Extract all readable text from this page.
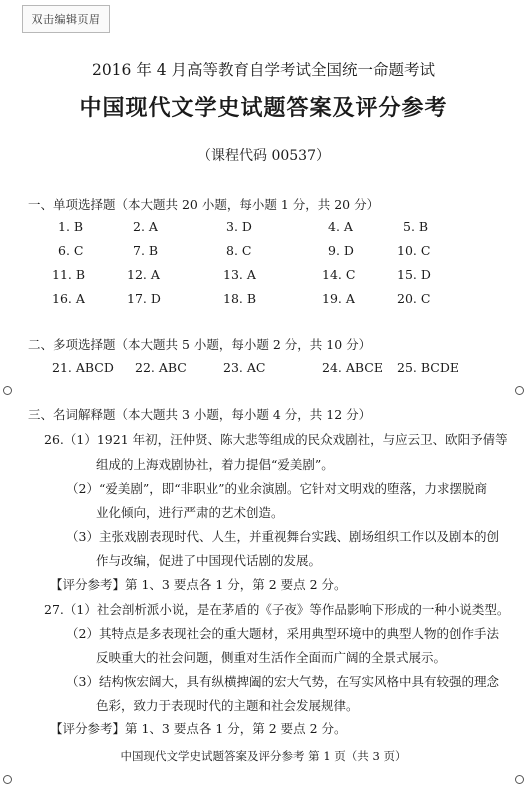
双击编辑页眉
2016 年 4 月高等教育自学考试全国统一命题考试
中国现代文学史试题答案及评分参考
（课程代码 00537）
一、单项选择题（本大题共 20 小题，每小题 1 分，共 20 分）
1. B	2. A	3. D	4. A	5. B
6. C	7. B	8. C	9. D	10. C
11. B	12. A	13. A	14. C	15. D
16. A	17. D	18. B	19. A	20. C
二、多项选择题（本大题共 5 小题，每小题 2 分，共 10 分）
21. ABCD 22. ABC	23. AC	24. ABCE 25. BCDE
三、名词解释题（本大题共 3 小题，每小题 4 分，共 12 分）
26.（1）1921 年初，汪仲贤、陈大悲等组成的民众戏剧社，与应云卫、欧阳予倩等
组成的上海戏剧协社，着力提倡“爱美剧”。
（2）“爱美剧”，即“非职业”的业余演剧。它针对文明戏的堕落，力求摆脱商
业化倾向，进行严肃的艺术创造。
（3）主张戏剧表现时代、人生，并重视舞台实践、剧场组织工作以及剧本的创
作与改编，促进了中国现代话剧的发展。
【评分参考】第 1、3 要点各 1 分，第 2 要点 2 分。
27.（1）社会剖析派小说，是在茅盾的《子夜》等作品影响下形成的一种小说类型。
（2）其特点是多表现社会的重大题材，采用典型环境中的典型人物的创作手法
反映重大的社会问题，侧重对生活作全面而广阔的全景式展示。
（3）结构恢宏阔大，具有纵横捭阖的宏大气势，在写实风格中具有较强的理念
色彩，致力于表现时代的主题和社会发展规律。
【评分参考】第 1、3 要点各 1 分，第 2 要点 2 分。
中国现代文学史试题答案及评分参考 第 1 页（共 3 页）
